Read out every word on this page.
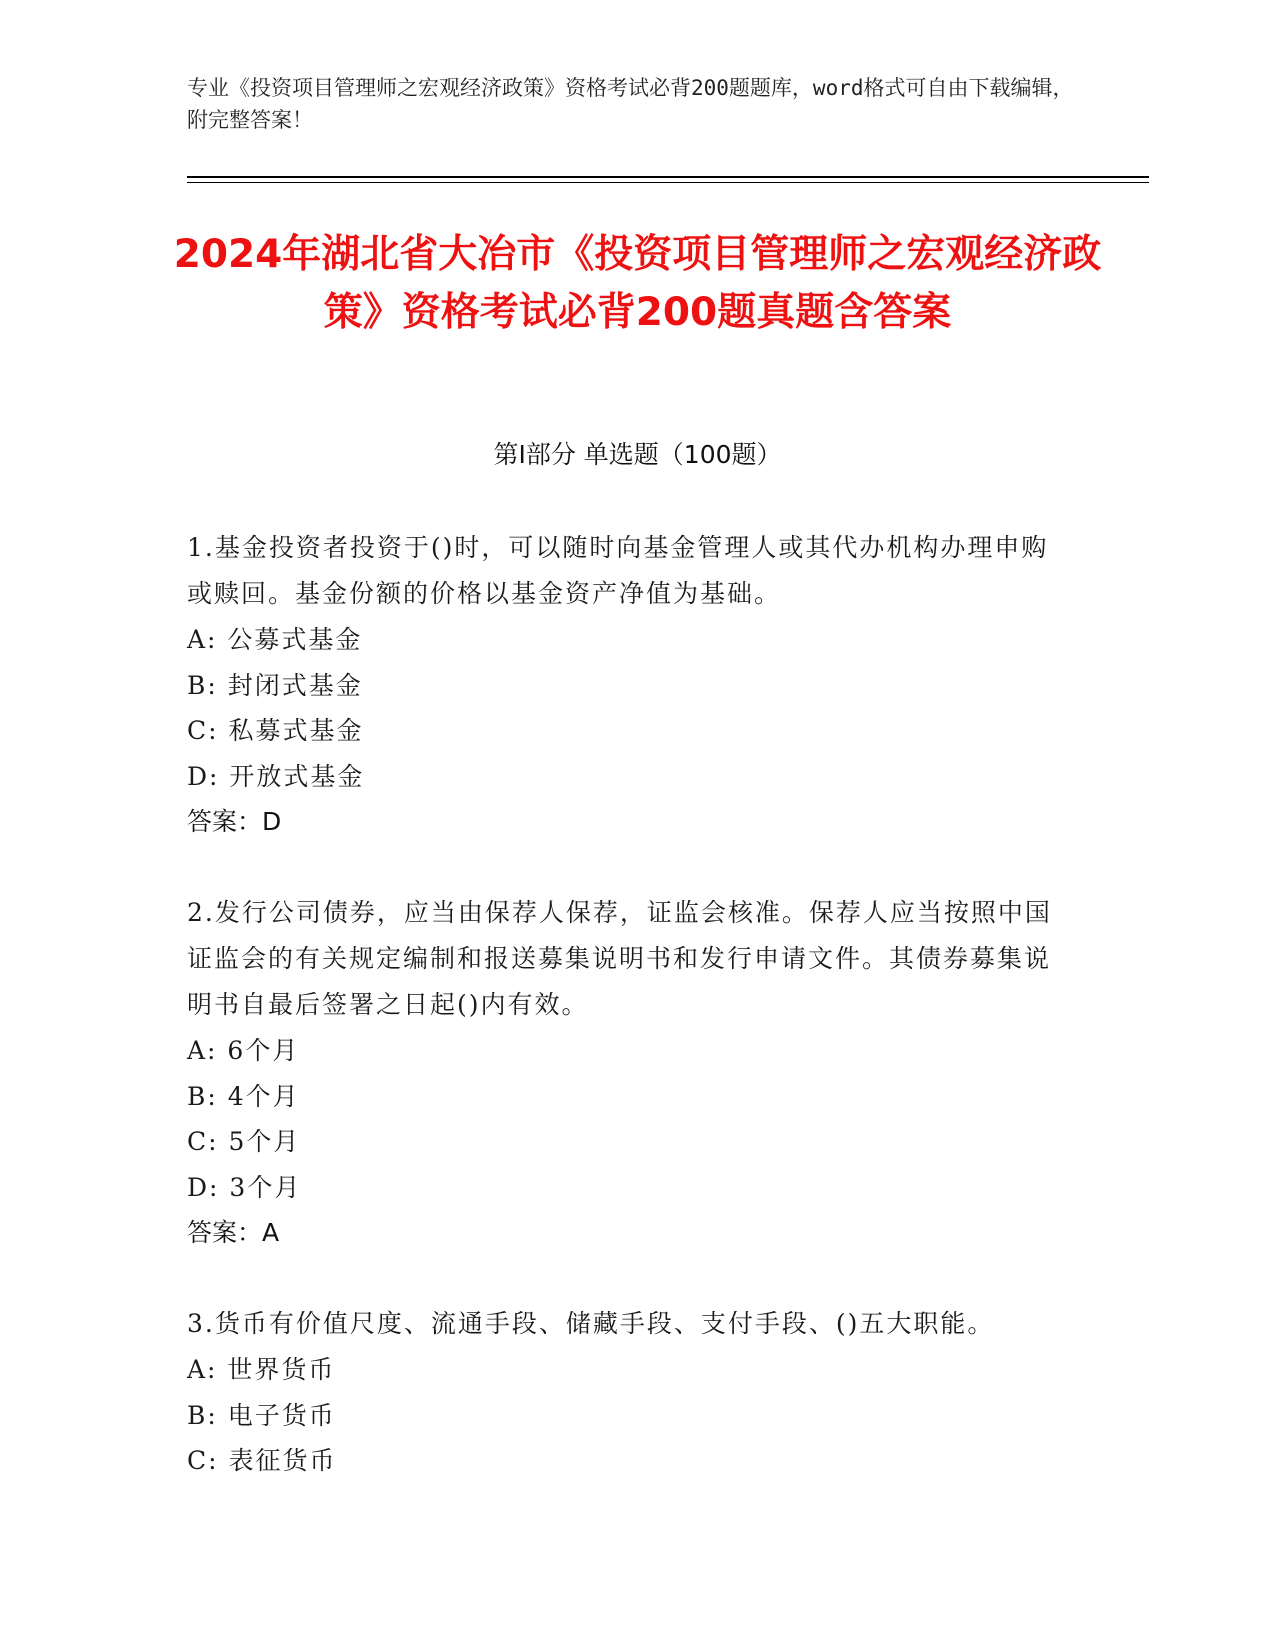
专业《投资项目管理师之宏观经济政策》资格考试必背200题题库，word格式可自由下载编辑，附完整答案！
2024年湖北省大冶市《投资项目管理师之宏观经济政策》资格考试必背200题真题含答案
第Ⅰ部分 单选题（100题）
1.基金投资者投资于()时，可以随时向基金管理人或其代办机构办理申购或赎回。基金份额的价格以基金资产净值为基础。
A: 公募式基金
B: 封闭式基金
C: 私募式基金
D: 开放式基金
答案：D
2.发行公司债券，应当由保荐人保荐，证监会核准。保荐人应当按照中国证监会的有关规定编制和报送募集说明书和发行申请文件。其债券募集说明书自最后签署之日起()内有效。
A: 6个月
B: 4个月
C: 5个月
D: 3个月
答案：A
3.货币有价值尺度、流通手段、储藏手段、支付手段、()五大职能。
A: 世界货币
B: 电子货币
C: 表征货币
